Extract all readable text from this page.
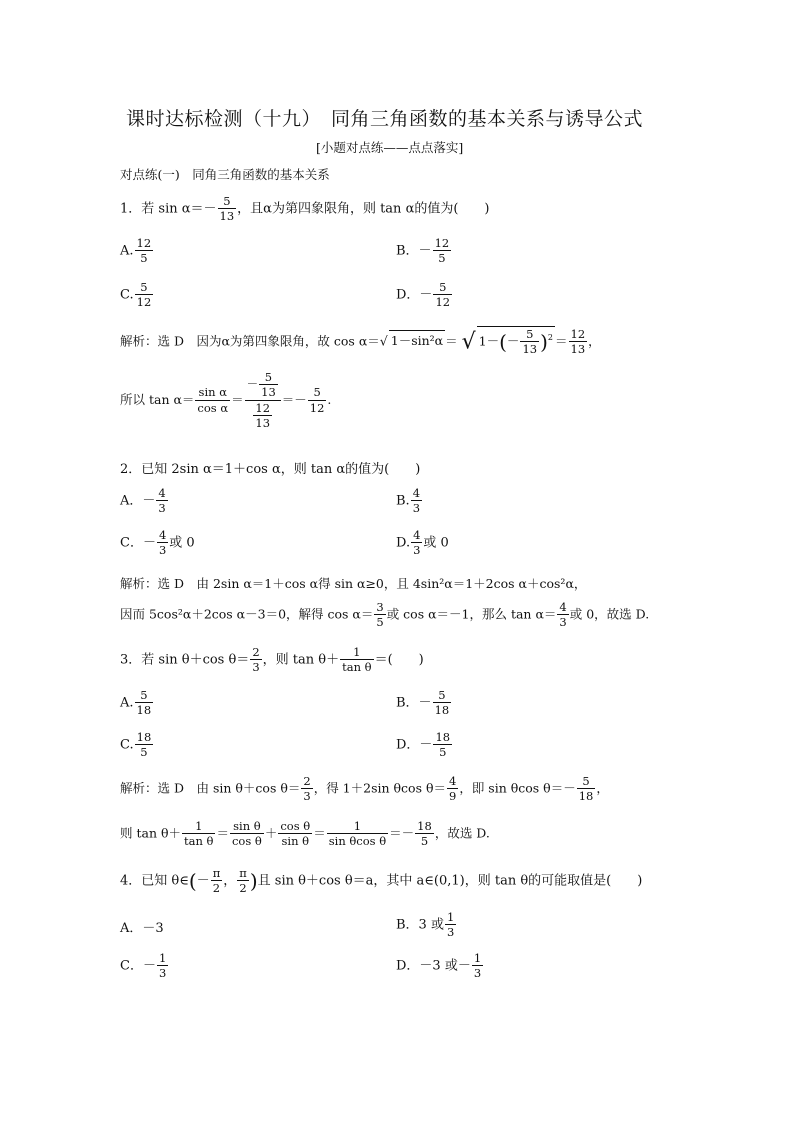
课时达标检测（十九）　同角三角函数的基本关系与诱导公式
[小题对点练——点点落实]
对点练(一)　同角三角函数的基本关系
1．若 $\sin \alpha=- \frac{5}{13}$ ，且α为第四象限角，则 tan α的值为(　　)
A. $\frac{12}{5}$	B．－ $\frac{12}{5}$
C. $\frac{5}{12}$	D．－ $\frac{5}{12}$
解析：选 D　因为α为第四象限角，故 cos α＝√ 1－sin²α ＝ √ $1-(- \frac{5}{13} )^2 = \frac{12}{13}$ ，
所以 $\tan \alpha= \frac{\text{sin α}}{\text{cos α}} = \frac{- \frac{5}{13}}{\frac{12}{13}} =- \frac{5}{12}$ .
2．已知 2sin α＝1＋cos α，则 tan α的值为(　　)
A．－ $\frac{4}{3}$	B. $\frac{4}{3}$
C．－ $\frac{4}{3}$ 或 0	D. $\frac{4}{3}$ 或 0
解析：选 D　由 2sin α＝1＋cos α得 sin α≥0，且 4sin²α＝1＋2cos α＋cos²α，
因而 5cos²α＋2cos α－3＝0，解得 $\cos \alpha= \frac{3}{5}$ 或 cos α＝－1，那么 $\tan \alpha= \frac{4}{3}$ 或 0，故选 D.
3．若 sin θ＋cos $\theta= \frac{2}{3}$ ，则 $\tan \theta+ \frac{1}{\text{tan θ}}$ ＝(　　)
A. $\frac{5}{18}$	B．－ $\frac{5}{18}$
C. $\frac{18}{5}$	D．－ $\frac{18}{5}$
解析：选 D　由 sin θ＋cos $\theta= \frac{2}{3}$ ，得 1＋2sin θcos $\theta= \frac{4}{9}$ ，即 sin θcos $\theta=- \frac{5}{18}$ ，
则 $\tan \theta+ \frac{1}{\text{tan θ}} = \frac{\text{sin θ}}{\text{cos θ}} + \frac{\text{cos θ}}{\text{sin θ}} = \frac{1}{\text{sin θcos θ}} =- \frac{18}{5}$ ，故选 D.
4．已知 θ∈(－ $\frac{\pi}{2}$ ， $\frac{\pi}{2}$ )且 sin θ＋cos θ＝a，其中 a∈(0,1)，则 tan θ的可能取值是(　　)
A．－3	B．3 或 $\frac{1}{3}$
C．－ $\frac{1}{3}$	D．－3 或－ $\frac{1}{3}$
